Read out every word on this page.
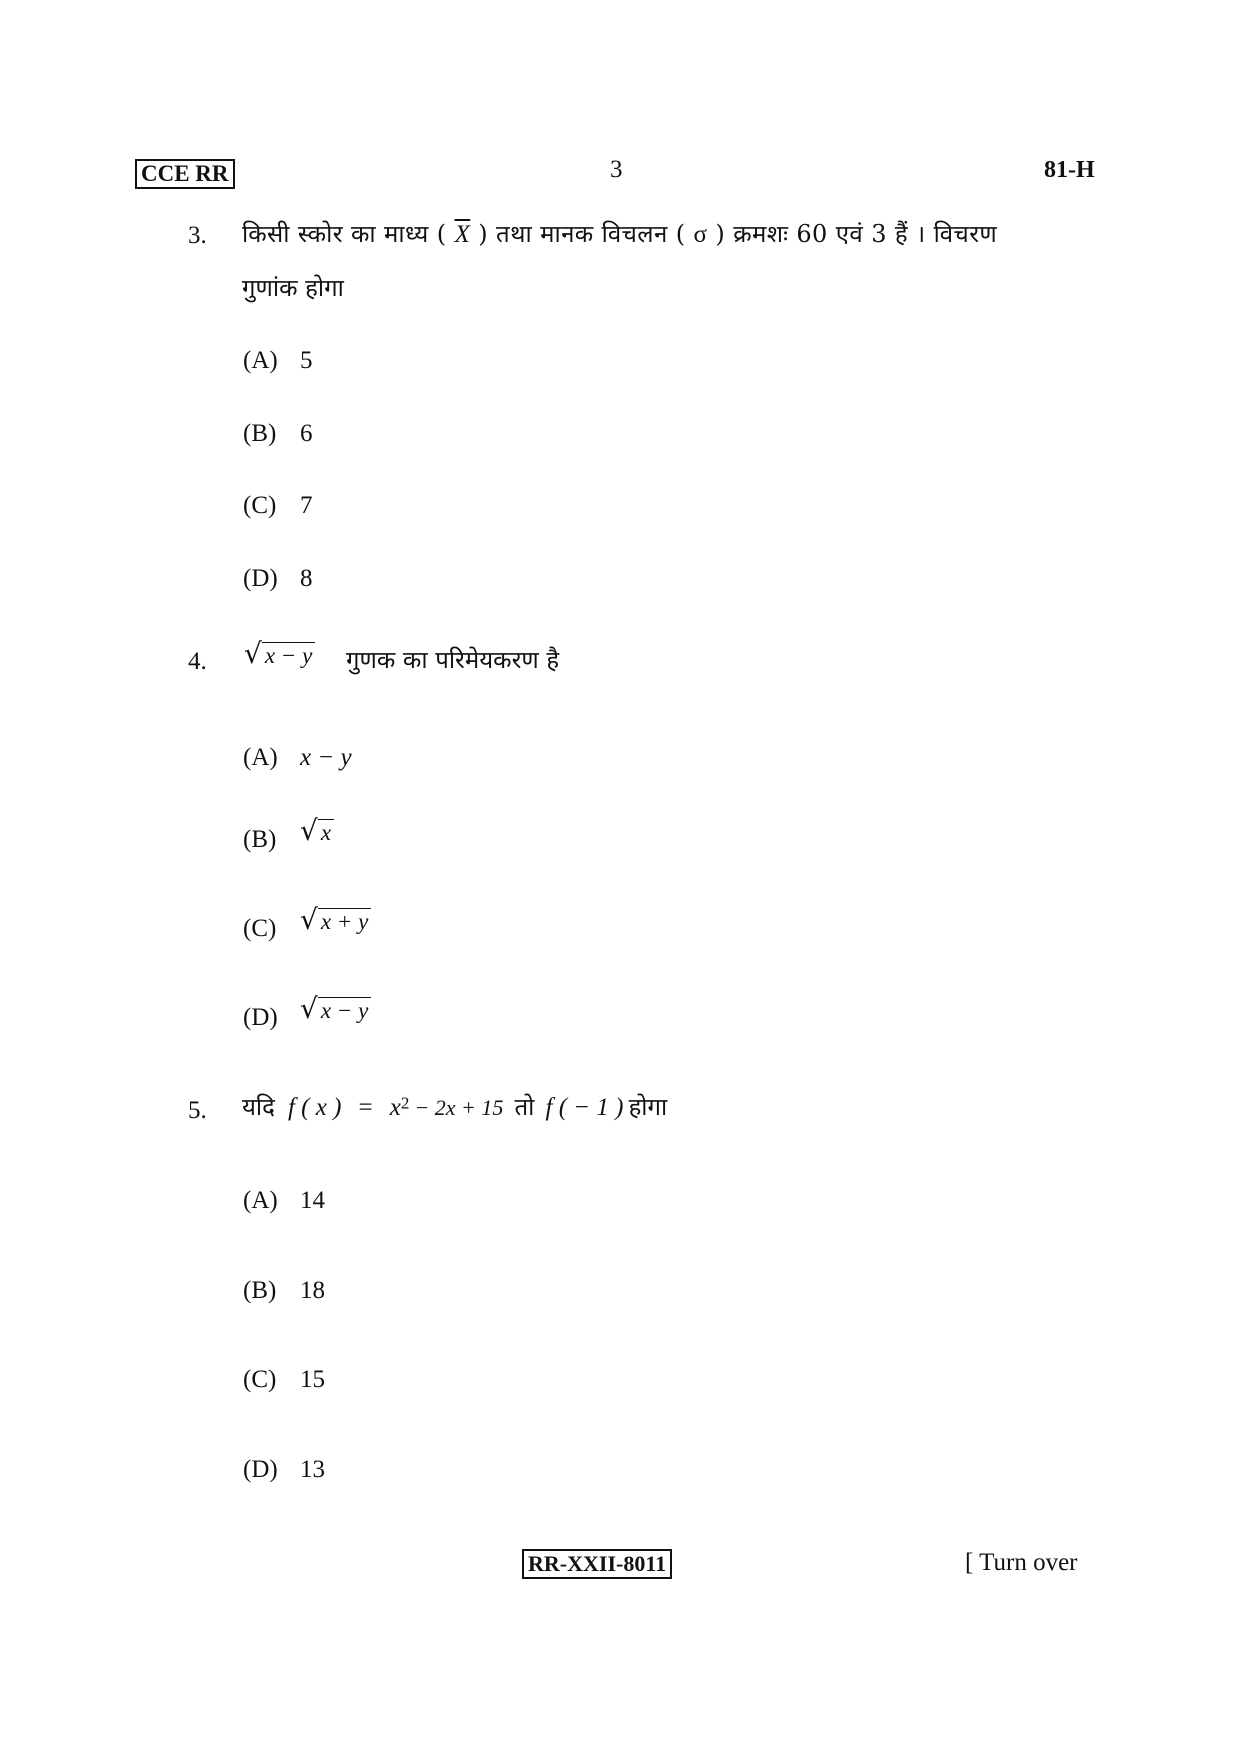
CCE RR	3	81-H
3. किसी स्कोर का माध्य ( $\overline{X}$ ) तथा मानक विचलन ( σ ) क्रमशः 60 एवं 3 हैं । विचरण
गुणांक होगा
(A) 5
(B) 6
(C) 7
(D) 8
4. √ x − y गुणक का परिमेयकरण है
(A) x − y
(B) √ x
(C) √ x + y
(D) √ x − y
5. यदि f ( x ) = $x^2 - 2x + 15$ तो f ( − 1 ) होगा
(A) 14
(B) 18
(C) 15
(D) 13
RR-XXII-8011	[ Turn over
